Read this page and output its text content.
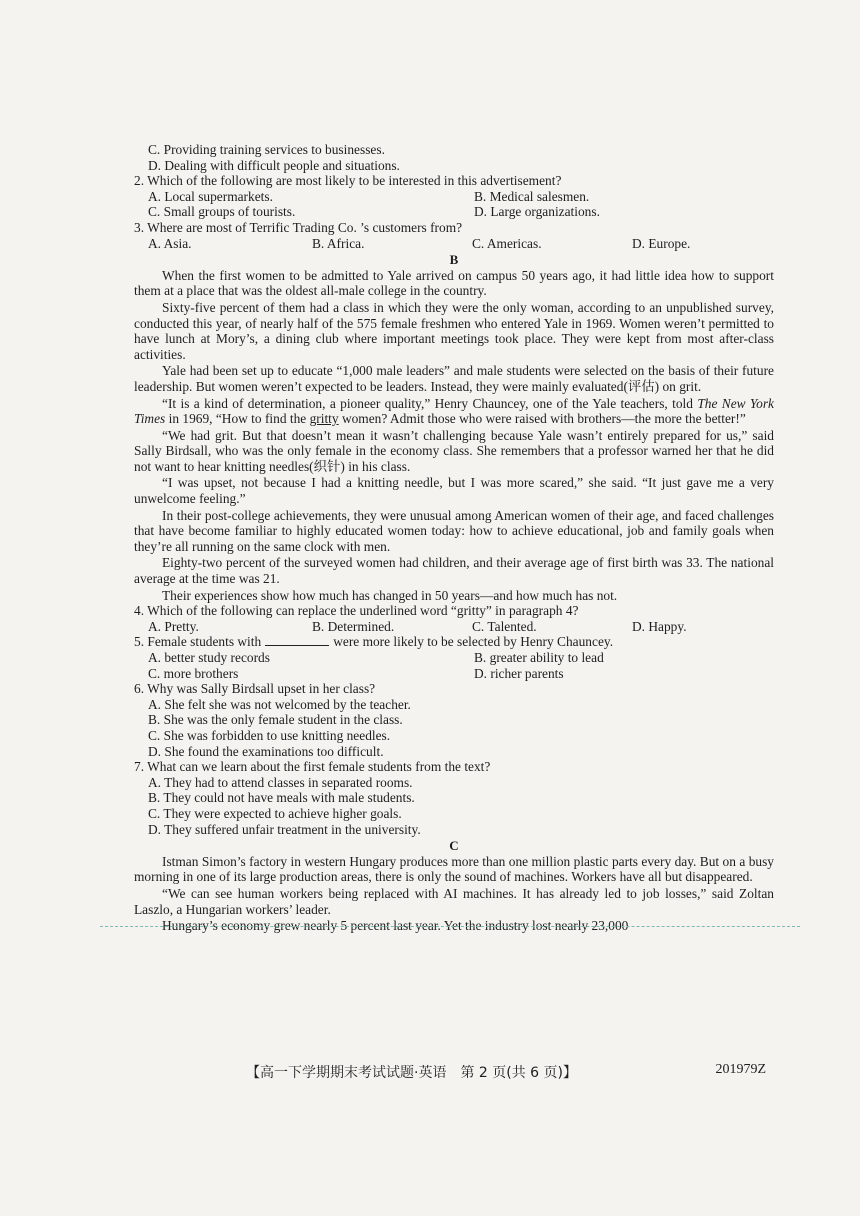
C. Providing training services to businesses.
D. Dealing with difficult people and situations.
2. Which of the following are most likely to be interested in this advertisement?
A. Local supermarkets.	B. Medical salesmen.
C. Small groups of tourists.	D. Large organizations.
3. Where are most of Terrific Trading Co. ’s customers from?
A. Asia.	B. Africa.	C. Americas.	D. Europe.
B

When the first women to be admitted to Yale arrived on campus 50 years ago, it had little idea how to support them at a place that was the oldest all-male college in the country.

Sixty-five percent of them had a class in which they were the only woman, according to an unpublished survey, conducted this year, of nearly half of the 575 female freshmen who entered Yale in 1969. Women weren’t permitted to have lunch at Mory’s, a dining club where important meetings took place. They were kept from most after-class activities.

Yale had been set up to educate “1,000 male leaders” and male students were selected on the basis of their future leadership. But women weren’t expected to be leaders. Instead, they were mainly evaluated(评估) on grit.

“It is a kind of determination, a pioneer quality,” Henry Chauncey, one of the Yale teachers, told The New York Times in 1969, “How to find the gritty women? Admit those who were raised with brothers—the more the better!”

“We had grit. But that doesn’t mean it wasn’t challenging because Yale wasn’t entirely prepared for us,” said Sally Birdsall, who was the only female in the economy class. She remembers that a professor warned her that he did not want to hear knitting needles(织针) in his class.

“I was upset, not because I had a knitting needle, but I was more scared,” she said. “It just gave me a very unwelcome feeling.”

In their post-college achievements, they were unusual among American women of their age, and faced challenges that have become familiar to highly educated women today: how to achieve educational, job and family goals when they’re all running on the same clock with men.

Eighty-two percent of the surveyed women had children, and their average age of first birth was 33. The national average at the time was 21.

Their experiences show how much has changed in 50 years—and how much has not.

4. Which of the following can replace the underlined word “gritty” in paragraph 4?
A. Pretty.	B. Determined.	C. Talented.	D. Happy.
5. Female students with	were more likely to be selected by Henry Chauncey.
A. better study records	B. greater ability to lead
C. more brothers	D. richer parents
6. Why was Sally Birdsall upset in her class?
A. She felt she was not welcomed by the teacher.
B. She was the only female student in the class.
C. She was forbidden to use knitting needles.
D. She found the examinations too difficult.
7. What can we learn about the first female students from the text?
A. They had to attend classes in separated rooms.
B. They could not have meals with male students.
C. They were expected to achieve higher goals.
D. They suffered unfair treatment in the university.
C

Istman Simon’s factory in western Hungary produces more than one million plastic parts every day. But on a busy morning in one of its large production areas, there is only the sound of machines. Workers have all but disappeared.

“We can see human workers being replaced with AI machines. It has already led to job losses,” said Zoltan Laszlo, a Hungarian workers’ leader.

Hungary’s economy grew nearly 5 percent last year. Yet the industry lost nearly 23,000

【高一下学期期末考试试题·英语　第 2 页(共 6 页)】	201979Z
